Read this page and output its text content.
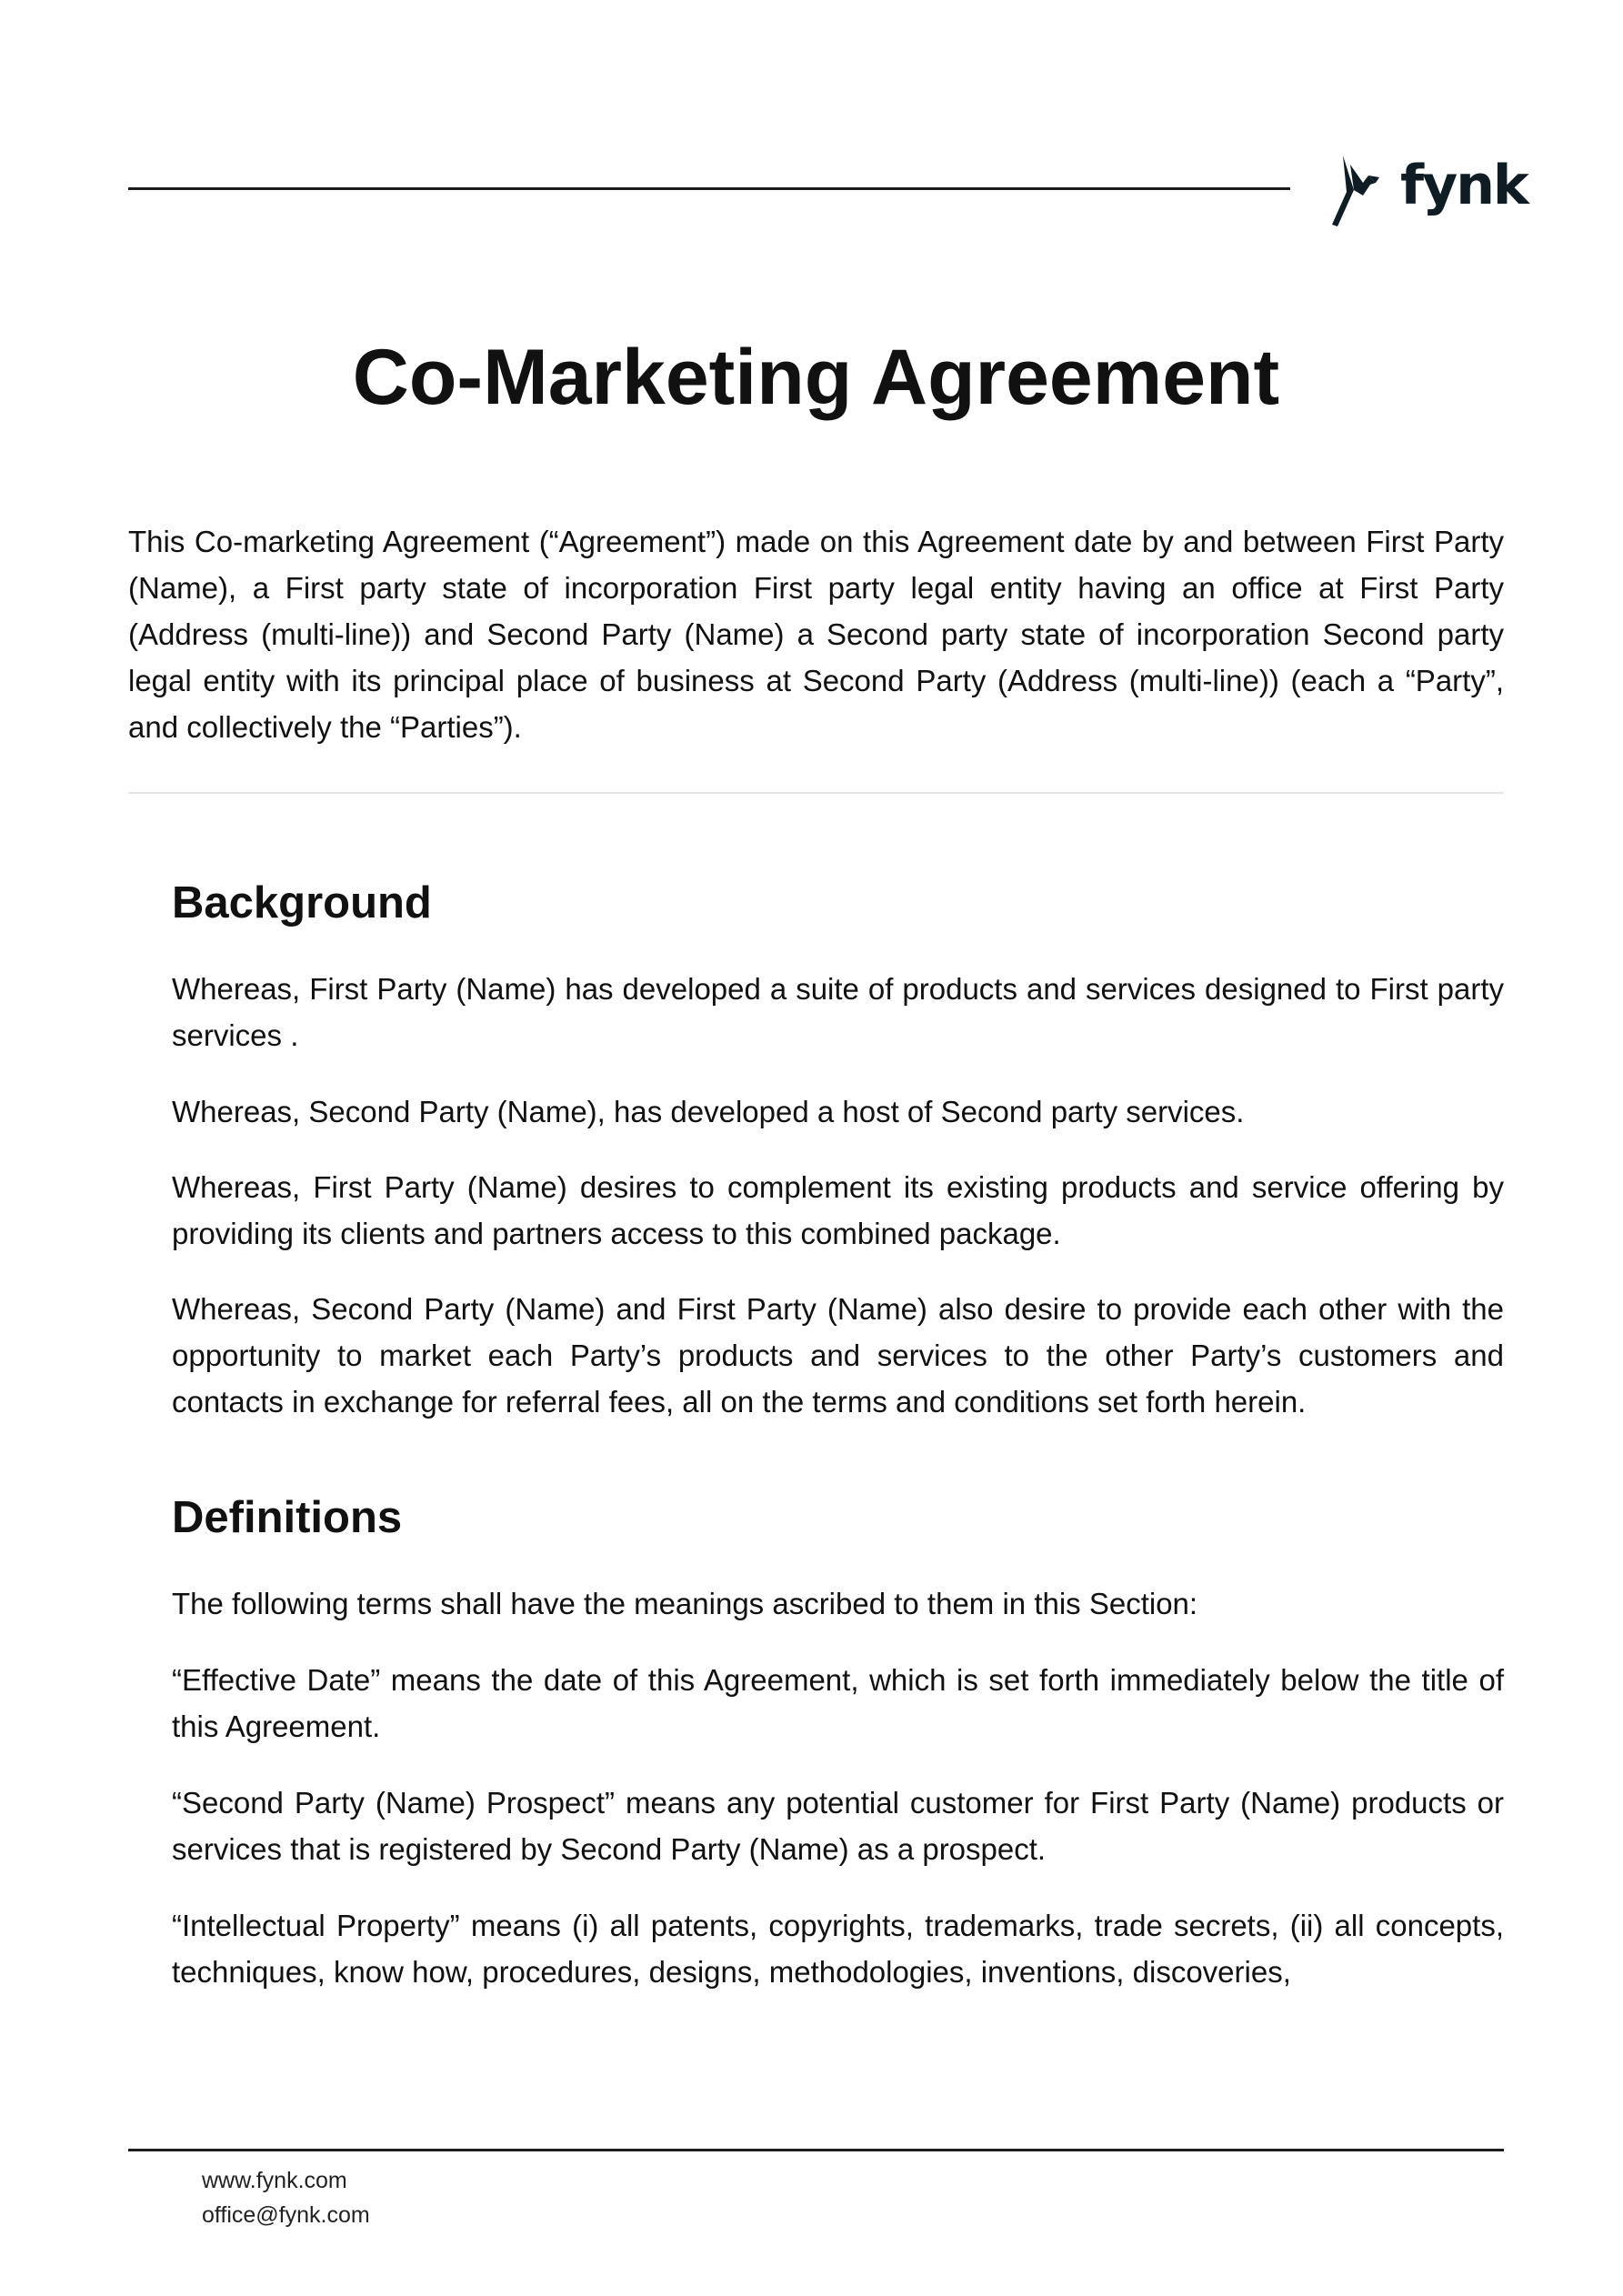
fynk
Co-Marketing Agreement

This Co-marketing Agreement (“Agreement”) made on this Agreement date by and between First Party (Name), a First party state of incorporation First party legal entity having an office at First Party (Address (multi-line)) and Second Party (Name) a Second party state of incorporation Second party legal entity with its principal place of business at Second Party (Address (multi-line)) (each a “Party”, and collectively the “Parties”).

Background

Whereas, First Party (Name) has developed a suite of products and services designed to First party services .

Whereas, Second Party (Name), has developed a host of Second party services.

Whereas, First Party (Name) desires to complement its existing products and service offering by providing its clients and partners access to this combined package.

Whereas, Second Party (Name) and First Party (Name) also desire to provide each other with the opportunity to market each Party’s products and services to the other Party’s customers and contacts in exchange for referral fees, all on the terms and conditions set forth herein.

Definitions

The following terms shall have the meanings ascribed to them in this Section:

“Effective Date” means the date of this Agreement, which is set forth immediately below the title of this Agreement.

“Second Party (Name) Prospect” means any potential customer for First Party (Name) products or services that is registered by Second Party (Name) as a prospect.

“Intellectual Property” means (i) all patents, copyrights, trademarks, trade secrets, (ii) all concepts, techniques, know how, procedures, designs, methodologies, inventions, discoveries,

www.fynk.com
office@fynk.com
